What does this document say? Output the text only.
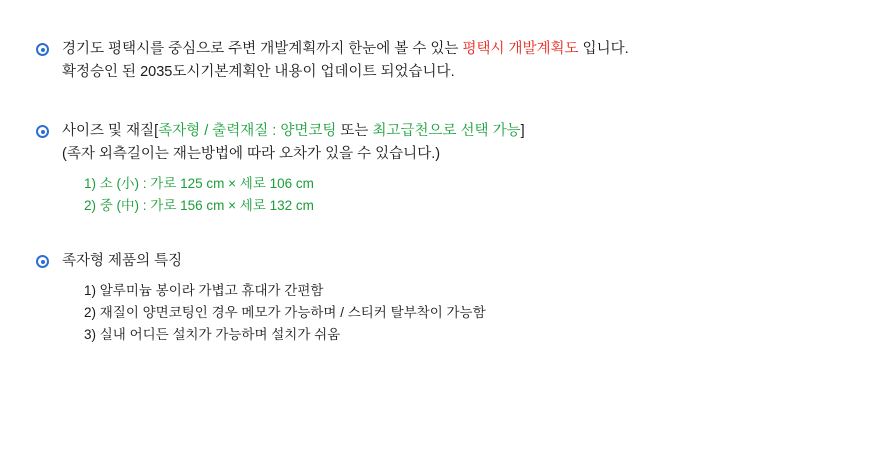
경기도 평택시를 중심으로 주변 개발계획까지 한눈에 볼 수 있는 평택시 개발계획도 입니다.
확정승인 된 2035도시기본계획안 내용이 업데이트 되었습니다.
사이즈 및 재질[족자형 / 출력재질 : 양면코팅 또는 최고급천으로 선택 가능]
(족자 외측길이는 재는방법에 따라 오차가 있을 수 있습니다.)
1) 소 (小) : 가로 125 cm × 세로 106 cm
2) 중 (中) : 가로 156 cm × 세로 132 cm
족자형 제품의 특징
1) 알루미늄 봉이라 가볍고 휴대가 간편함
2) 재질이 양면코팅인 경우 메모가 가능하며 / 스티커 탈부착이 가능함
3) 실내 어디든 설치가 가능하며 설치가 쉬움
